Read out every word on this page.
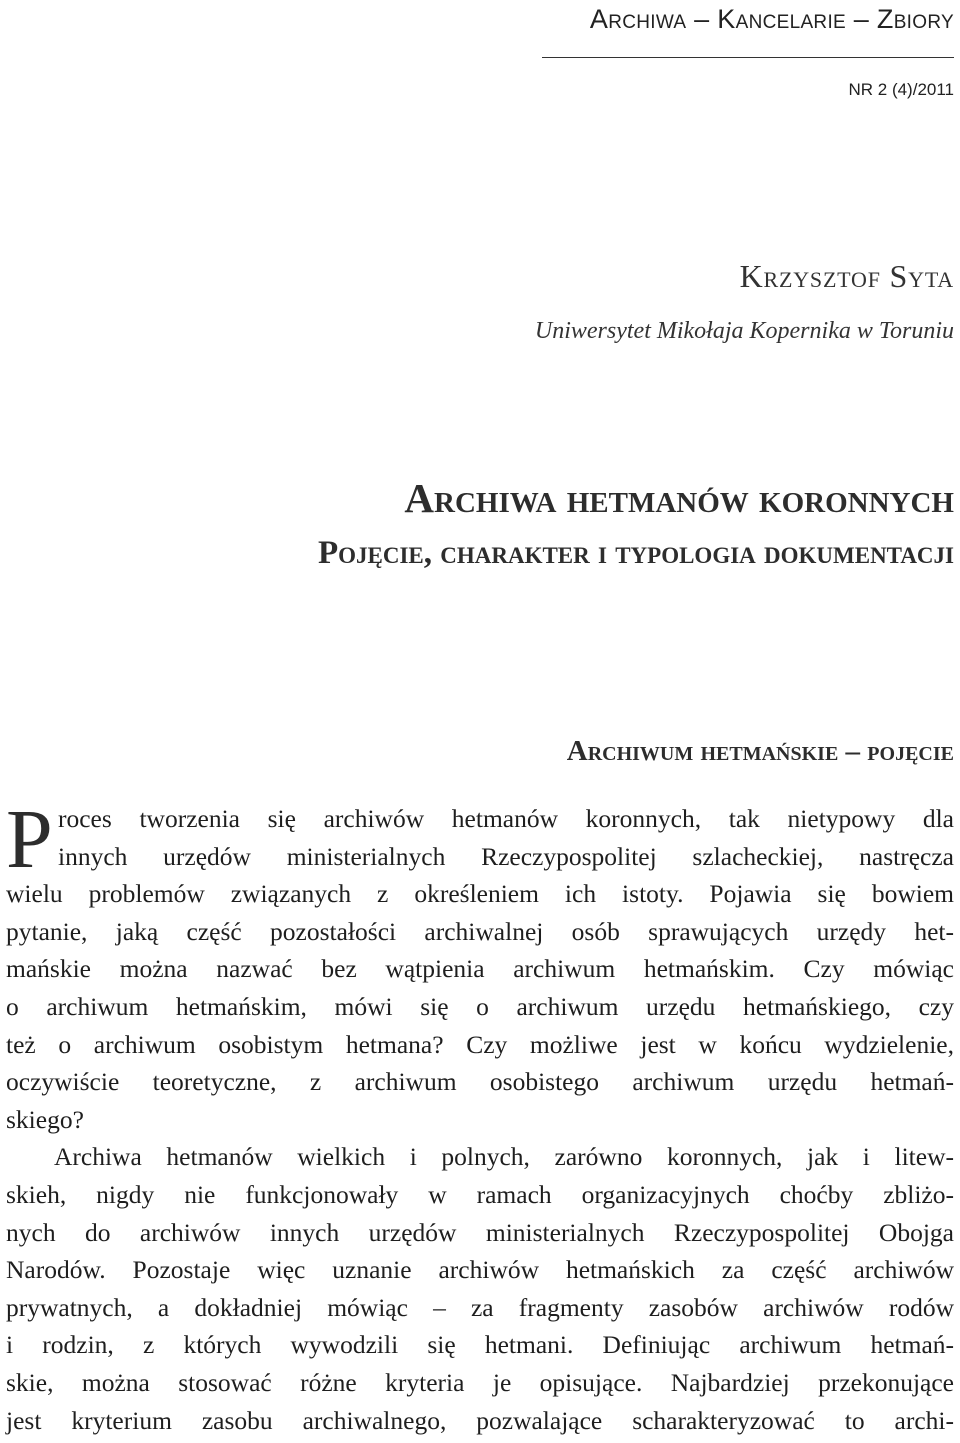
Archiwa – Kancelarie – Zbiory
NR 2 (4)/2011
Krzysztof Syta
Uniwersytet Mikołaja Kopernika w Toruniu
Archiwa hetmanów koronnych
Pojęcie, charakter i typologia dokumentacji
Archiwum hetmańskie – pojęcie
P roces tworzenia się archiwów hetmanów koronnych, tak nietypowy dla
innych urzędów ministerialnych Rzeczypospolitej szlacheckiej, nastręcza
wielu problemów związanych z określeniem ich istoty. Pojawia się bowiem
pytanie, jaką część pozostałości archiwalnej osób sprawujących urzędy het-
mańskie można nazwać bez wątpienia archiwum hetmańskim. Czy mówiąc
o archiwum hetmańskim, mówi się o archiwum urzędu hetmańskiego, czy
też o archiwum osobistym hetmana? Czy możliwe jest w końcu wydzielenie,
oczywiście teoretyczne, z archiwum osobistego archiwum urzędu hetmań-
skiego?
Archiwa hetmanów wielkich i polnych, zarówno koronnych, jak i litew-
skieh, nigdy nie funkcjonowały w ramach organizacyjnych choćby zbliżo-
nych do archiwów innych urzędów ministerialnych Rzeczypospolitej Obojga
Narodów. Pozostaje więc uznanie archiwów hetmańskich za część archiwów
prywatnych, a dokładniej mówiąc – za fragmenty zasobów archiwów rodów
i rodzin, z których wywodzili się hetmani. Definiując archiwum hetmań-
skie, można stosować różne kryteria je opisujące. Najbardziej przekonujące
jest kryterium zasobu archiwalnego, pozwalające scharakteryzować to archi-
